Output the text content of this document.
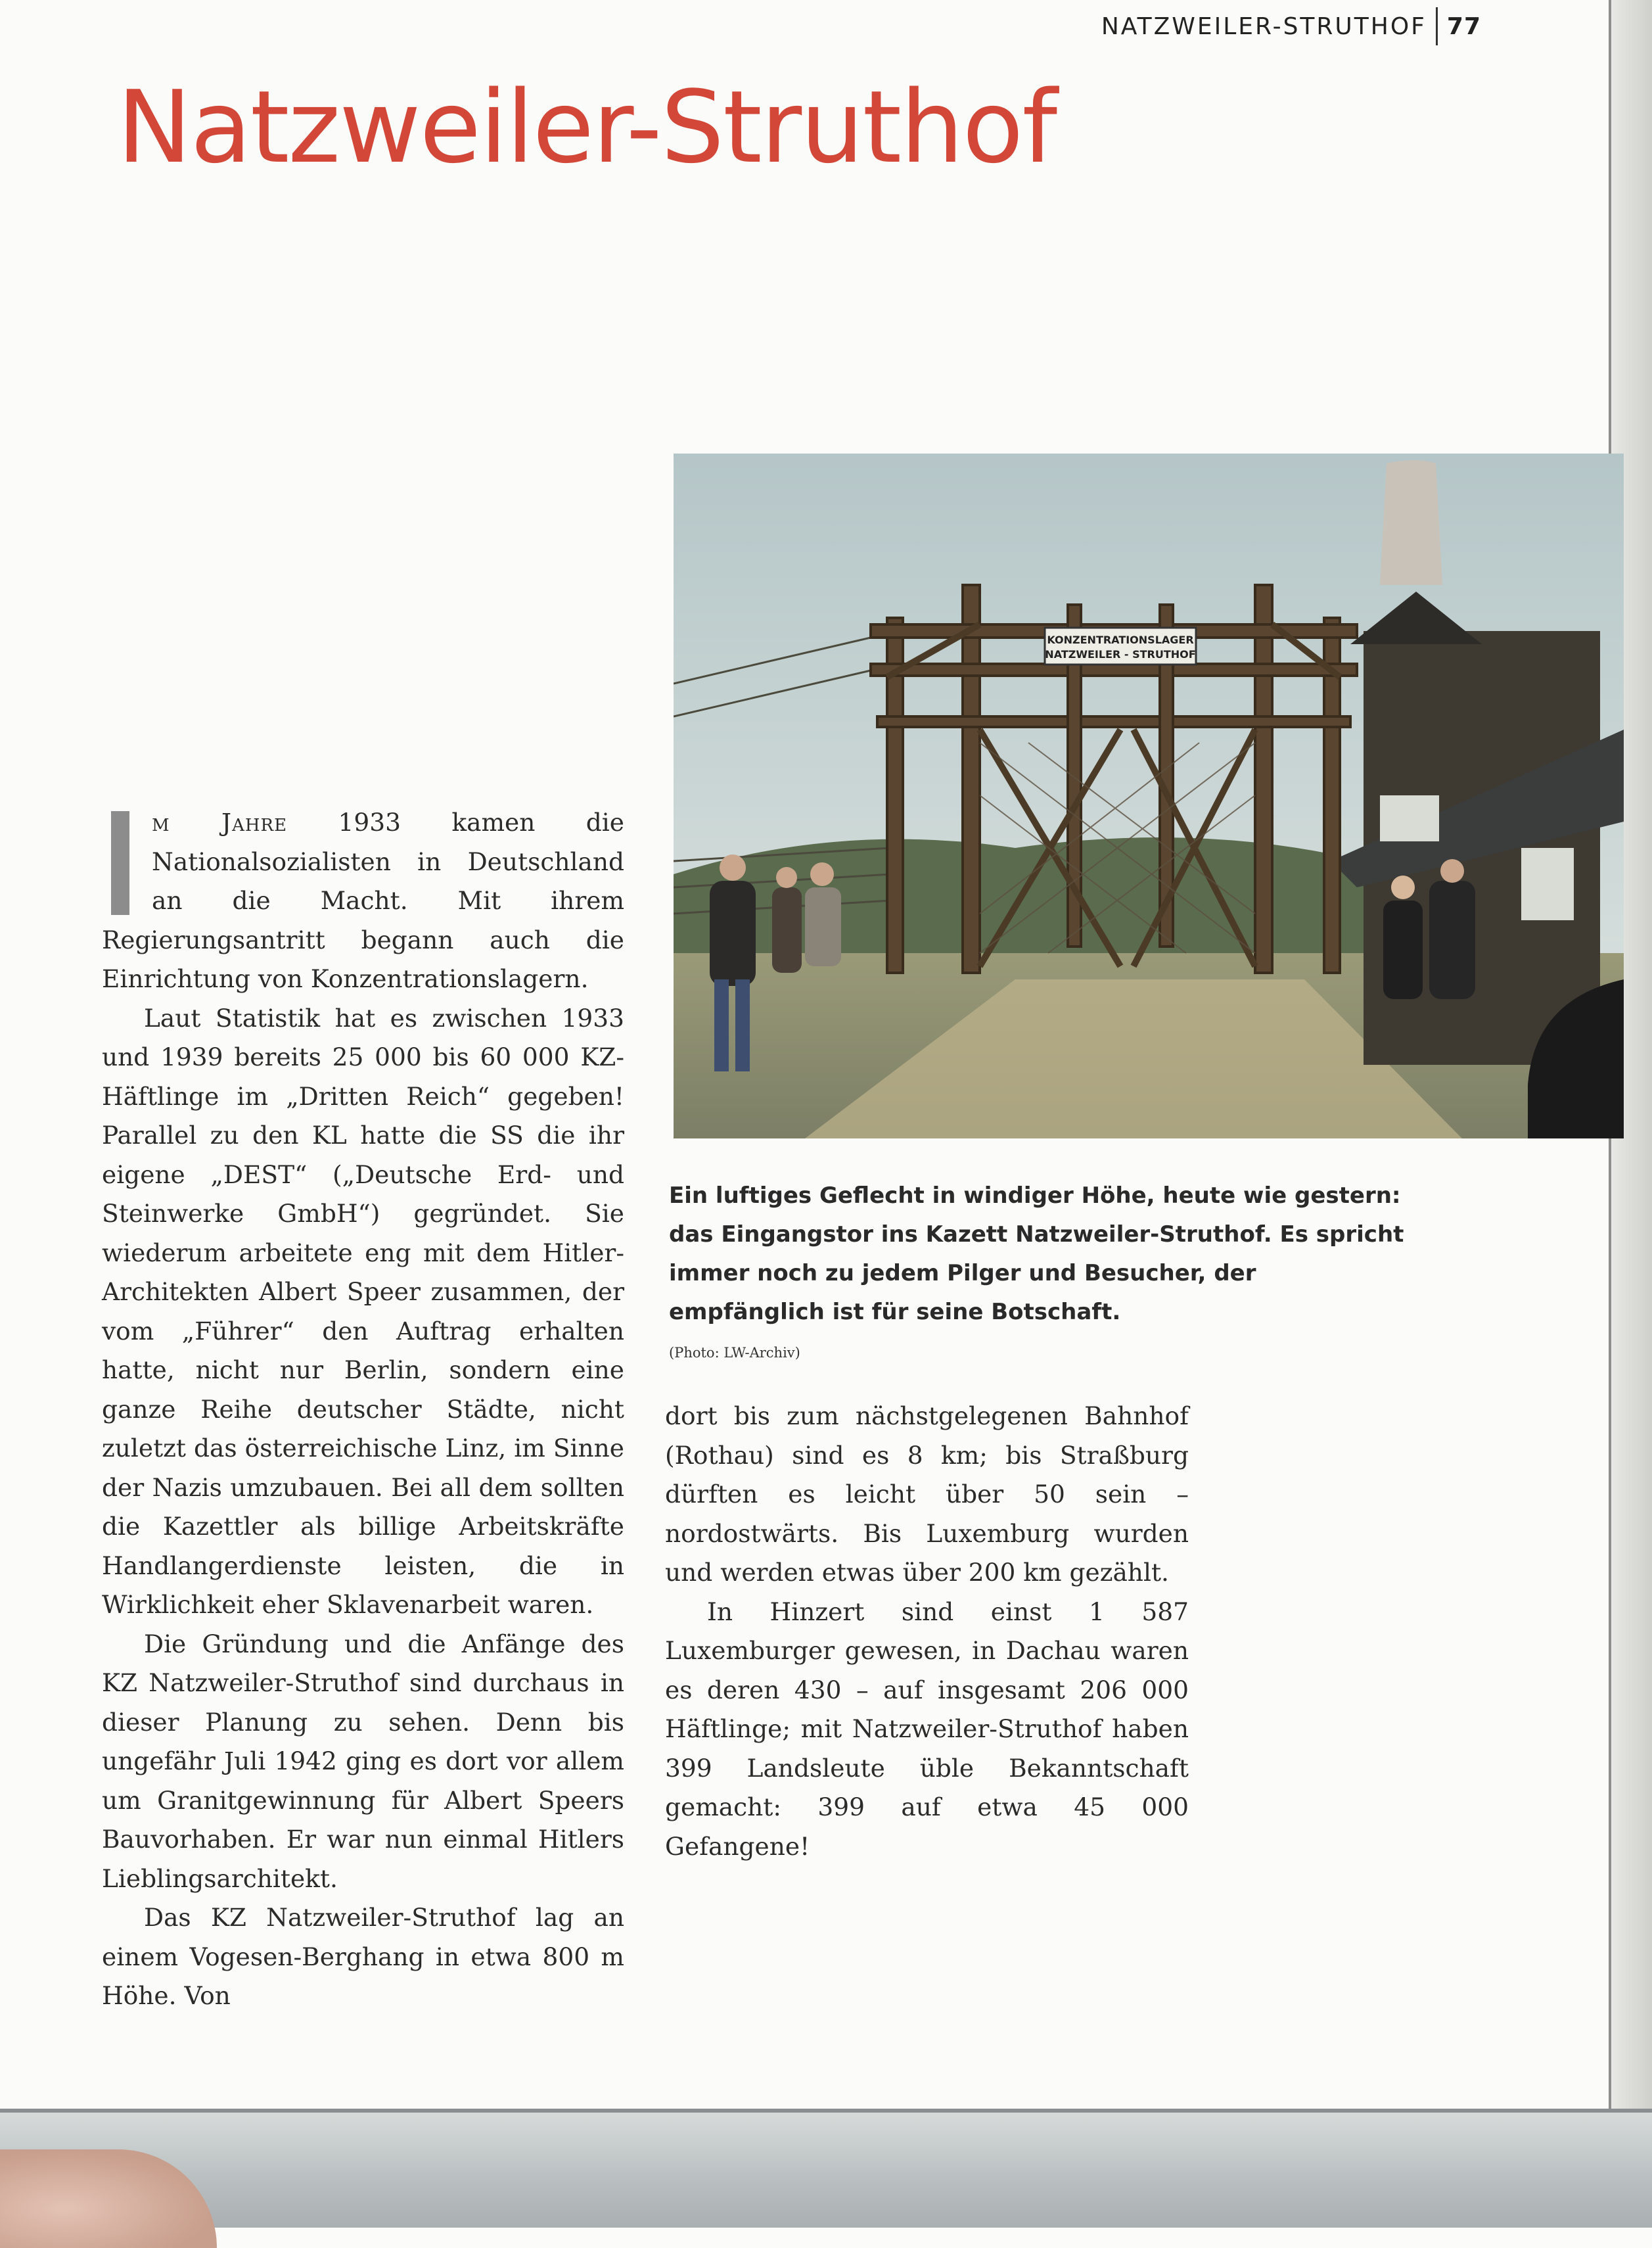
NATZWEILER-STRUTHOF 77
Natzweiler-Struthof
KONZENTRATIONSLAGER
NATZWEILER - STRUTHOF
Ein luftiges Geflecht in windiger Höhe, heute wie gestern: das Eingangstor ins Kazett Natzweiler-Struthof. Es spricht immer noch zu jedem Pilger und Besucher, der empfänglich ist für seine Botschaft.
(Photo: LW-Archiv)

m Jahre 1933 kamen die Nationalsozialisten in Deutschland an die Macht. Mit ihrem Regierungsantritt begann auch die Einrichtung von Konzentrationslagern.

Laut Statistik hat es zwischen 1933 und 1939 bereits 25 000 bis 60 000 KZ-Häftlinge im „Dritten Reich“ gegeben! Parallel zu den KL hatte die SS die ihr eigene „DEST“ („Deutsche Erd- und Steinwerke GmbH“) gegründet. Sie wiederum arbeitete eng mit dem Hitler-Architekten Albert Speer zusammen, der vom „Führer“ den Auftrag erhalten hatte, nicht nur Berlin, sondern eine ganze Reihe deutscher Städte, nicht zuletzt das österreichische Linz, im Sinne der Nazis umzubauen. Bei all dem sollten die Kazettler als billige Arbeitskräfte Handlangerdienste leisten, die in Wirklichkeit eher Sklavenarbeit waren.

Die Gründung und die Anfänge des KZ Natzweiler-Struthof sind durchaus in dieser Planung zu sehen. Denn bis ungefähr Juli 1942 ging es dort vor allem um Granitgewinnung für Albert Speers Bauvorhaben. Er war nun einmal Hitlers Lieblingsarchitekt.

Das KZ Natzweiler-Struthof lag an einem Vogesen-Berghang in etwa 800 m Höhe. Von

dort bis zum nächstgelegenen Bahnhof (Rothau) sind es 8 km; bis Straßburg dürften es leicht über 50 sein – nordostwärts. Bis Luxemburg wurden und werden etwas über 200 km gezählt.

In Hinzert sind einst 1 587 Luxemburger gewesen, in Dachau waren es deren 430 – auf insgesamt 206 000 Häftlinge; mit Natzweiler-Struthof haben 399 Landsleute üble Bekanntschaft gemacht: 399 auf etwa 45 000 Gefangene!
